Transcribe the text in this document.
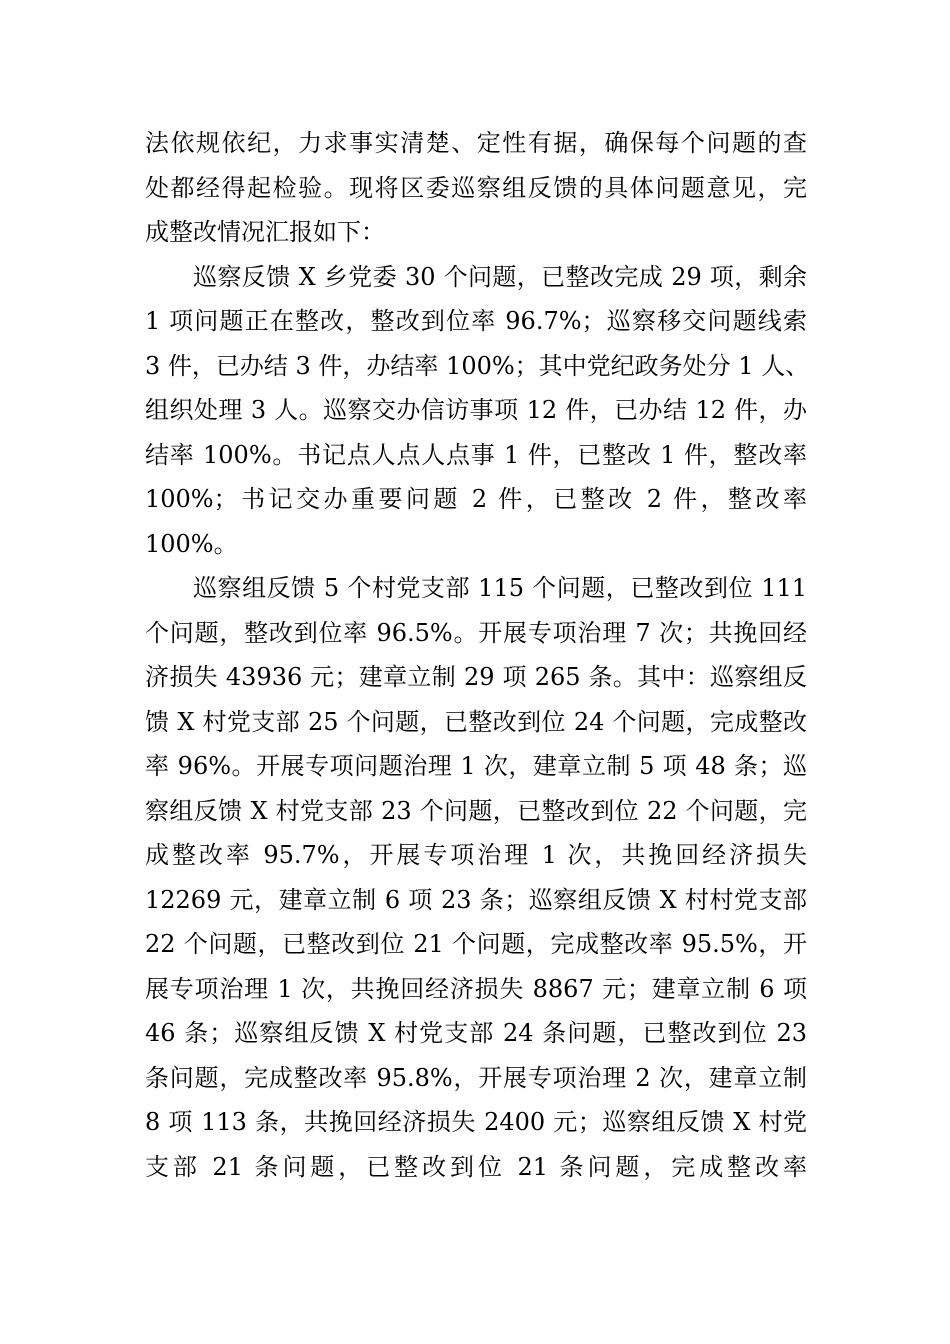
法依规依纪，力求事实清楚、定性有据，确保每个问题的查
处都经得起检验。现将区委巡察组反馈的具体问题意见，完
成整改情况汇报如下：
巡察反馈 X 乡党委 30 个问题，已整改完成 29 项，剩余
1 项问题正在整改，整改到位率 96.7%；巡察移交问题线索
3 件，已办结 3 件，办结率 100%；其中党纪政务处分 1 人、
组织处理 3 人。巡察交办信访事项 12 件，已办结 12 件，办
结率 100%。书记点人点人点事 1 件，已整改 1 件，整改率
100%；书记交办重要问题 2 件，已整改 2 件，整改率
100%。
巡察组反馈 5 个村党支部 115 个问题，已整改到位 111
个问题，整改到位率 96.5%。开展专项治理 7 次；共挽回经
济损失 43936 元；建章立制 29 项 265 条。其中：巡察组反
馈 X 村党支部 25 个问题，已整改到位 24 个问题，完成整改
率 96%。开展专项问题治理 1 次，建章立制 5 项 48 条；巡
察组反馈 X 村党支部 23 个问题，已整改到位 22 个问题，完
成整改率 95.7%，开展专项治理 1 次，共挽回经济损失
12269 元，建章立制 6 项 23 条；巡察组反馈 X 村村党支部
22 个问题，已整改到位 21 个问题，完成整改率 95.5%，开
展专项治理 1 次，共挽回经济损失 8867 元；建章立制 6 项
46 条；巡察组反馈 X 村党支部 24 条问题，已整改到位 23
条问题，完成整改率 95.8%，开展专项治理 2 次，建章立制
8 项 113 条，共挽回经济损失 2400 元；巡察组反馈 X 村党
支部 21 条问题，已整改到位 21 条问题，完成整改率
